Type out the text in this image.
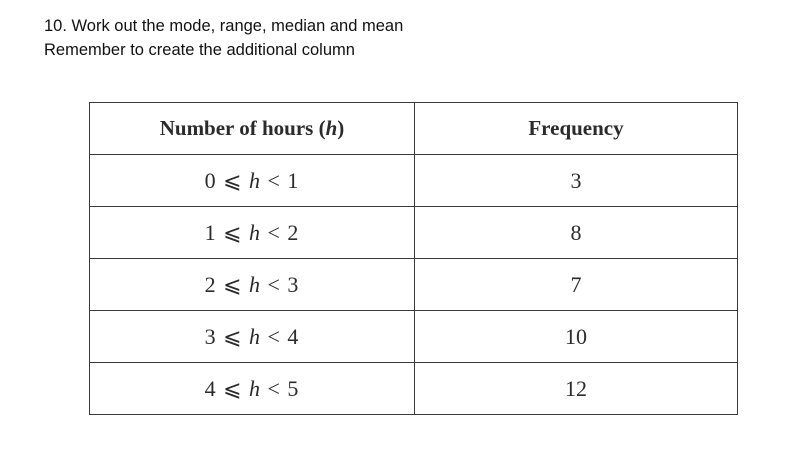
10. Work out the mode, range, median and mean
Remember to create the additional column
Number of hours (h)	Frequency
0 ⩽ h < 1	3
1 ⩽ h < 2	8
2 ⩽ h < 3	7
3 ⩽ h < 4	10
4 ⩽ h < 5	12
